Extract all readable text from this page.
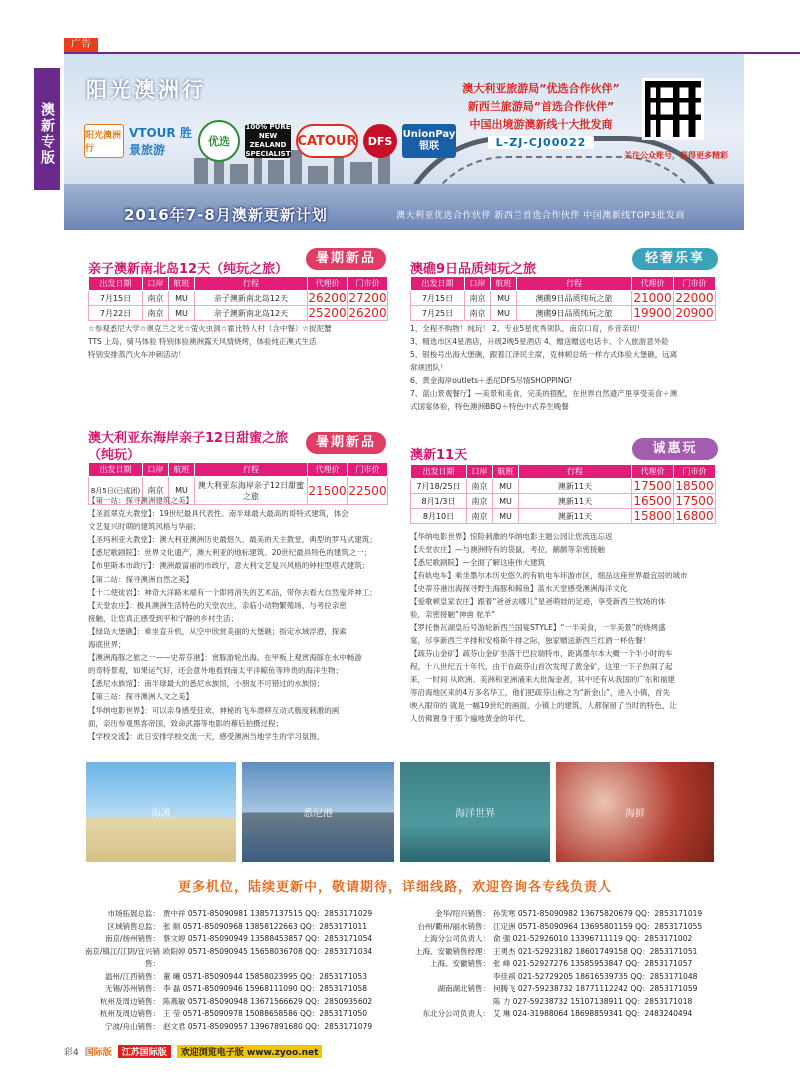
广告
澳新专版
阳光澳洲行
阳光澳洲行
VTOUR 胜景旅游
优选
100% PURE NEW ZEALAND SPECIALIST
CATOUR	DFS	UnionPay 银联
澳大利亚旅游局“优选合作伙伴”
新西兰旅游局“首选合作伙伴”
中国出境游澳新线十大批发商
L-ZJ-CJ00022
关注公众账号，获得更多精彩
2016年7-8月澳新更新计划	澳大利亚优选合作伙伴 新西兰首选合作伙伴 中国澳新线TOP3批发商
亲子澳新南北岛12天（纯玩之旅）
暑期新品
出发日期	口岸	航班	行程	代理价	门市价
7月15日	南京	MU	亲子澳新南北岛12天	26200	27200
7月22日	南京	MU	亲子澳新南北岛12天	25200	26200
☆参观悉尼大学☆奥克兰之光☆萤火虫洞☆霍比特人村（含中餐）☆捉泥蟹
TTS 上岛，骑马体验 特别体验澳洲露天风情烧烤，体验纯正澳式生活
特别安排蒸汽火车冲刺活动！
澳礁9日品质纯玩之旅
轻奢乐享
出发日期	口岸	航班	行程	代理价	门市价
7月15日	南京	MU	澳礁9日品质纯玩之旅	21000	22000
7月25日	南京	MU	澳礁9日品质纯玩之旅	19900	20900
1、全程不购物！纯玩！ 2、专业5星优秀领队，南京口育，乡音亲切！
3、精选市区4星酒店，升级2晚5星酒店 4、赠送赠送电话卡、个人旅游意外险
5、银梭号出海大堡礁，跟着江泽民主席，克林顿总统一样方式体验大堡礁，远离
常规团队！
6、黄金海岸outlets＋悉尼DFS尽情SHOPPING!
7、蓝山景观餐厅】—美景和美食，完美的搭配，在世界自然遗产里享受美食＋澳
式国宴体验，特色澳洲BBQ＋特色中式养生晚餐
澳大利亚东海岸亲子12日甜蜜之旅（纯玩）
暑期新品
出发日期	口岸	航班	行程	代理价	门市价
8月5日(已成团)	南京	MU	澳大利亚东海岸亲子12日甜蜜之旅	21500	22500
【第一站：探寻澳洲建筑之美】
【圣派翠克大教堂】：19世纪最具代表性、南半球最大最高的哥特式建筑，体会
文艺复兴时期的建筑风格与华丽；
【圣玛利亚大教堂】：澳大利亚澳洲历史最悠久、最美的天主教堂，典型的罗马式建筑；
【悉尼歌剧院】：世界文化遗产，澳大利亚的地标建筑、20世纪最具特色的建筑之一；
【布里斯本市政厅】：澳洲最富丽的市政厅，意大利文艺复兴风格的钟柱型塔式建筑；
【第二站：探寻澳洲自然之美】
【十二使徒岩】：神奇大洋路末端有一个即将消失的艺术品，带你去看大自然鬼斧神工；
【天堂农庄】：极具澳洲生活特色的天堂农庄，亲临小动物繁殖场、与考拉亲密
接触，让您真正感受到平和宁静的乡村生活；
【绿岛大堡礁】：乘坐直升机，从空中欣赏美丽的大堡礁；指定水域浮潜，探索
海底世界；
【澳洲海豚之旅之一——史蒂芬港】：赏豚游轮出海，在甲板上观赏海豚在水中畅游
的奇特景观，如果运气好，还会意外地看到南太平洋鲸鱼等珍贵的海洋生物；
【悉尼水族馆】：南半球最大的悉尼水族馆，小朋友不可错过的水族馆；
【第三站：探寻澳洲人文之美】
【华纳电影世界】：可以亲身感受狂欢、神秘的飞车漂移互动式极度刺激的画
面，亲历参观黑客帝国，致命武器等电影的幕后拍摄过程；
【学校交流】：此日安排学校交流一天，感受澳洲当地学生的学习氛围。
澳新11天	诚惠玩
出发日期	口岸	航班	行程	代理价	门市价
7月18/25日	南京	MU	澳新11天	17500	18500
8月1/3日	南京	MU	澳新11天	16500	17500
8月10日	南京	MU	澳新11天	15800	16800
【华纳电影世界】惊险刺激的华纳电影主题公园让您流连忘返
【天堂农庄】—与澳洲特有的袋鼠，考拉，鸸鹋等亲密接触
【悉尼歌剧院】—全面了解这座伟大建筑
【有轨电车】乘坐墨尔本历史悠久的有轨电车环游市区，细品这座世界最宜居的城市
【史蒂芬港出海探寻野生海豚和鲸鱼】蓝水天堂感受澳洲海洋文化
【爱歌顿皇家农庄】跟着“爸爸去哪儿”星爸萌娃的足迹，享受新西兰牧场的体
验，亲密接触“神兽 驼羊”
【罗托鲁瓦湖皇后号游轮新西兰国宴STYLE】“一半美食，一半美景”的烧烤盛
宴，尽享新西兰羊排和安格斯牛排之际，独家赠送新西兰红酒一杯佐餐！
【疏芬山金矿】疏芬山金矿坐落于巴拉瑞特市，距离墨尔本大概一个半小时的车
程。十八世纪五十年代，由于在疏芬山首次发现了黄金矿，这里一下子热闹了起
来，一时间 从欧洲、美洲和亚洲涌来大批淘金者，其中还有从我国的广东和福建
等沿海地区来的4万多名华工，他们把疏芬山称之为“新金山”，进入小镇，首先
映入眼帘的 就是一幅19世纪的画面，小镇上的建筑、人都保留了当时的特色，让
人仿佛置身于那个遍地黄金的年代。
海滩	悉尼港	海洋世界	海鲜
更多机位，陆续更新中，敬请期待，详细线路，欢迎咨询各专线负责人
市场拓展总监： 贾中祥 0571-85090981 13857137515 QQ：2853171029
区域销售总监： 张 顺 0571-85090968 13858122663 QQ：2853171011
南京/扬州销售： 蔡文婷 0571-85090949 13588453857 QQ：2853171054
南京/镇江/江阴/宜兴销售：
欧阳婷 0571-85090945 15658036708 QQ：2853171034
温州/江西销售： 董 曦 0571-85090944 15858023995 QQ：2853171053
无锡/苏州销售： 李 磊 0571-85090946 15968111090 QQ：2853171058
杭州及周边销售： 陈燕敏 0571-85090948 13671566629 QQ：2850935602
杭州及周边销售： 王 莹 0571-85090978 15088658586 QQ：2853171050
宁波/舟山销售： 赵文君 0571-85090957 13967891680 QQ：2853171079
金华/绍兴销售： 孙笑寒 0571-85090982 13675820679 QQ：2853171019
台州/衢州/丽水销售： 江定洲 0571-85090964 13695801159 QQ：2853171055
上海分公司负责人： 俞 强 021-52926010 13396711119 QQ：2853171002
上海、安徽销售经理： 王勇杰 021-52923182 18601749158 QQ：2853171051
上海、安徽销售： 张 峰 021-52927276 13585953847 QQ：2853171057
李佳祺 021-52729205 18616539735 QQ：2853171048
湖南湖北销售： 何腾飞 027-59238732 18771112242 QQ：2853171059
陈 力 027-59238732 15107138911 QQ：2853171018
东北分公司负责人： 艾 琳 024-31988064 18698859341 QQ：2483240494
彩4 国际版	江苏国际版	欢迎浏览电子版 www.zyoo.net
